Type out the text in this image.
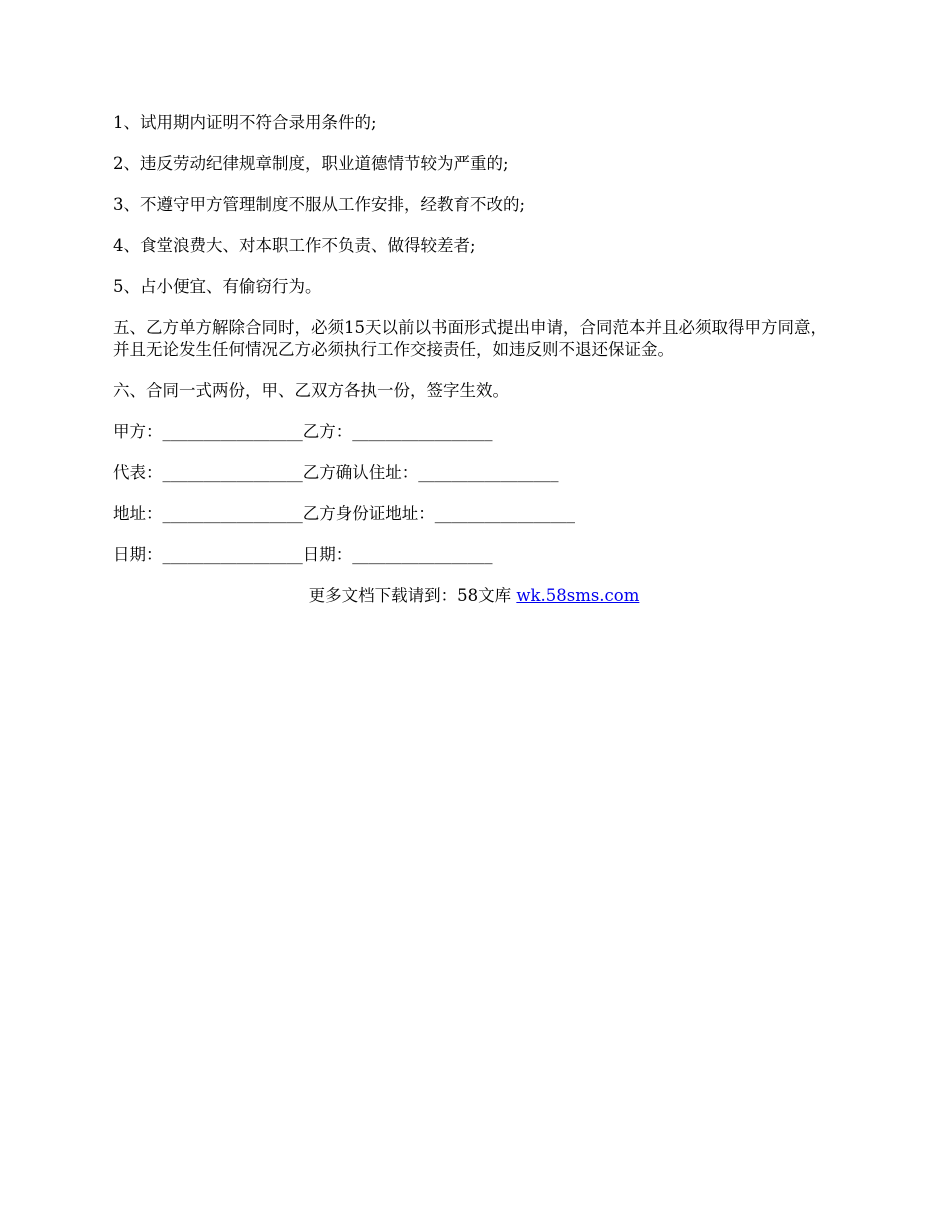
1、试用期内证明不符合录用条件的;

2、违反劳动纪律规章制度，职业道德情节较为严重的;

3、不遵守甲方管理制度不服从工作安排，经教育不改的;

4、食堂浪费大、对本职工作不负责、做得较差者;

5、占小便宜、有偷窃行为。

五、乙方单方解除合同时，必须15天以前以书面形式提出申请，合同范本并且必须取得甲方同意，并且无论发生任何情况乙方必须执行工作交接责任，如违反则不退还保证金。

六、合同一式两份，甲、乙双方各执一份，签字生效。

甲方：_________________乙方：_________________

代表：_________________乙方确认住址：_________________

地址：_________________乙方身份证地址：_________________

日期：_________________日期：_________________

更多文档下载请到：58文库 wk.58sms.com
